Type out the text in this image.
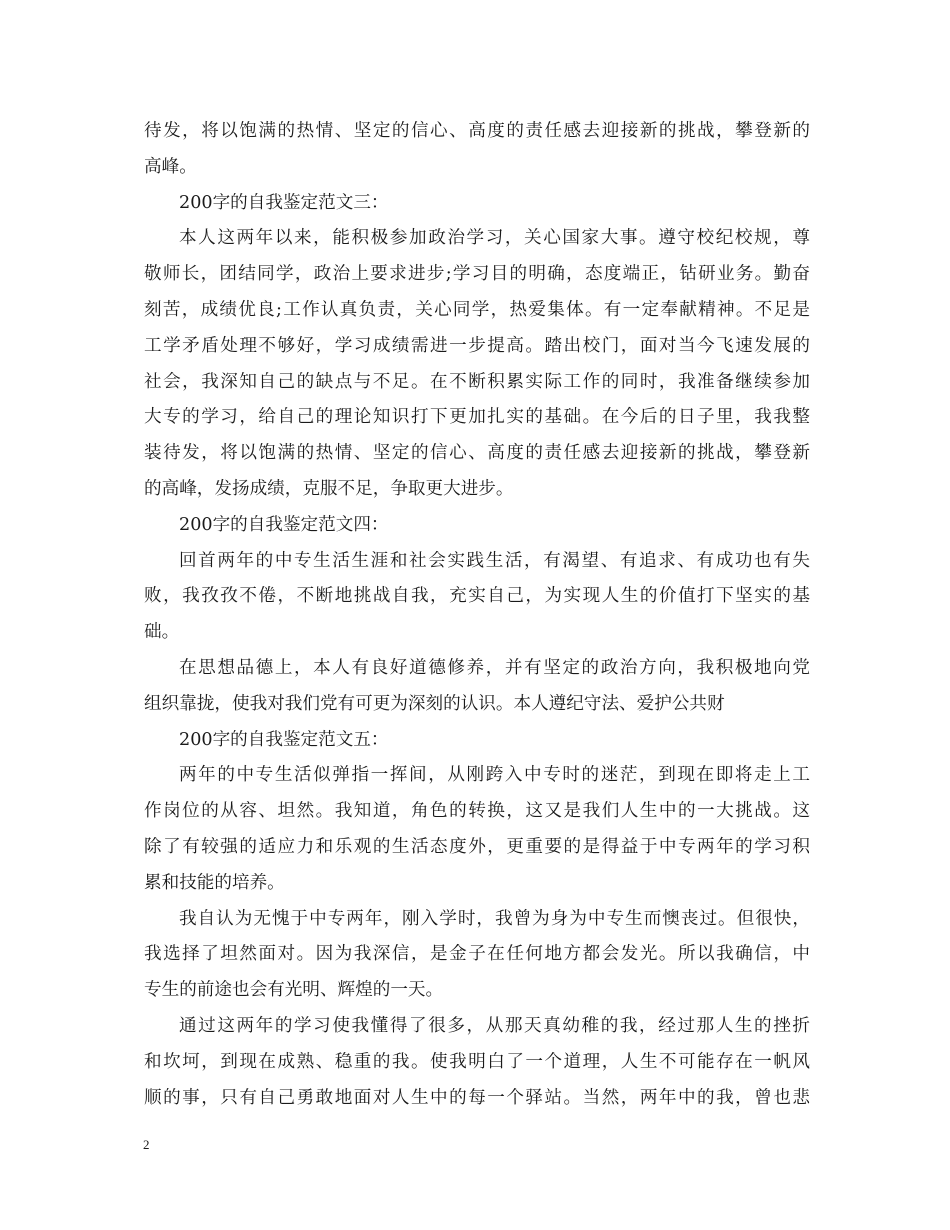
待发，将以饱满的热情、坚定的信心、高度的责任感去迎接新的挑战，攀登新的
高峰。
200字的自我鉴定范文三：
本人这两年以来，能积极参加政治学习，关心国家大事。遵守校纪校规，尊
敬师长，团结同学，政治上要求进步;学习目的明确，态度端正，钻研业务。勤奋
刻苦，成绩优良;工作认真负责，关心同学，热爱集体。有一定奉献精神。不足是
工学矛盾处理不够好，学习成绩需进一步提高。踏出校门，面对当今飞速发展的
社会，我深知自己的缺点与不足。在不断积累实际工作的同时，我准备继续参加
大专的学习，给自己的理论知识打下更加扎实的基础。在今后的日子里，我我整
装待发，将以饱满的热情、坚定的信心、高度的责任感去迎接新的挑战，攀登新
的高峰，发扬成绩，克服不足，争取更大进步。
200字的自我鉴定范文四：
回首两年的中专生活生涯和社会实践生活，有渴望、有追求、有成功也有失
败，我孜孜不倦，不断地挑战自我，充实自己，为实现人生的价值打下坚实的基
础。
在思想品德上，本人有良好道德修养，并有坚定的政治方向，我积极地向党
组织靠拢，使我对我们党有可更为深刻的认识。本人遵纪守法、爱护公共财
200字的自我鉴定范文五：
两年的中专生活似弹指一挥间，从刚跨入中专时的迷茫，到现在即将走上工
作岗位的从容、坦然。我知道，角色的转换，这又是我们人生中的一大挑战。这
除了有较强的适应力和乐观的生活态度外，更重要的是得益于中专两年的学习积
累和技能的培养。
我自认为无愧于中专两年，刚入学时，我曾为身为中专生而懊丧过。但很快，
我选择了坦然面对。因为我深信，是金子在任何地方都会发光。所以我确信，中
专生的前途也会有光明、辉煌的一天。
通过这两年的学习使我懂得了很多，从那天真幼稚的我，经过那人生的挫折
和坎坷，到现在成熟、稳重的我。使我明白了一个道理，人生不可能存在一帆风
顺的事，只有自己勇敢地面对人生中的每一个驿站。当然，两年中的我，曾也悲
2
